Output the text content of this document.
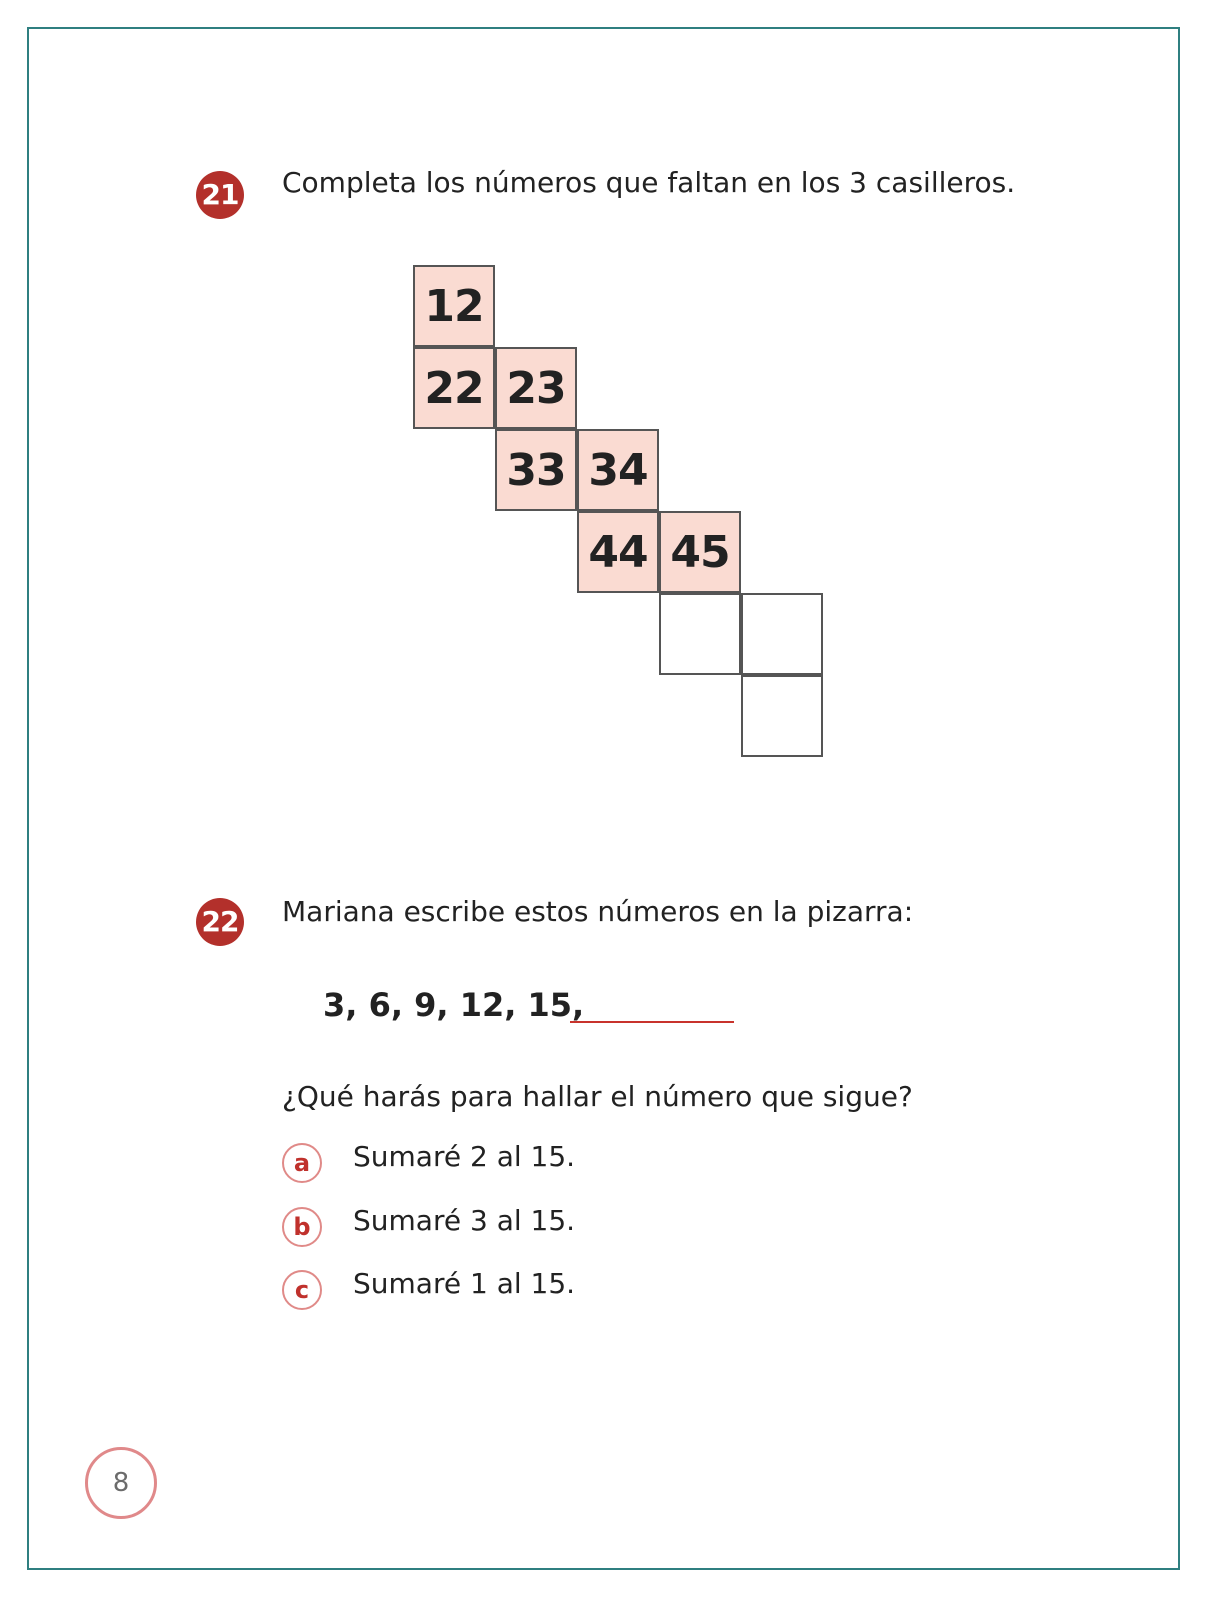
21 Completa los números que faltan en los 3 casilleros.
12
22 23
33 34
44 45
22 Mariana escribe estos números en la pizarra:
3, 6, 9, 12, 15,
¿Qué harás para hallar el número que sigue?
a	Sumaré 2 al 15.
b	Sumaré 3 al 15.
c	Sumaré 1 al 15.
8
